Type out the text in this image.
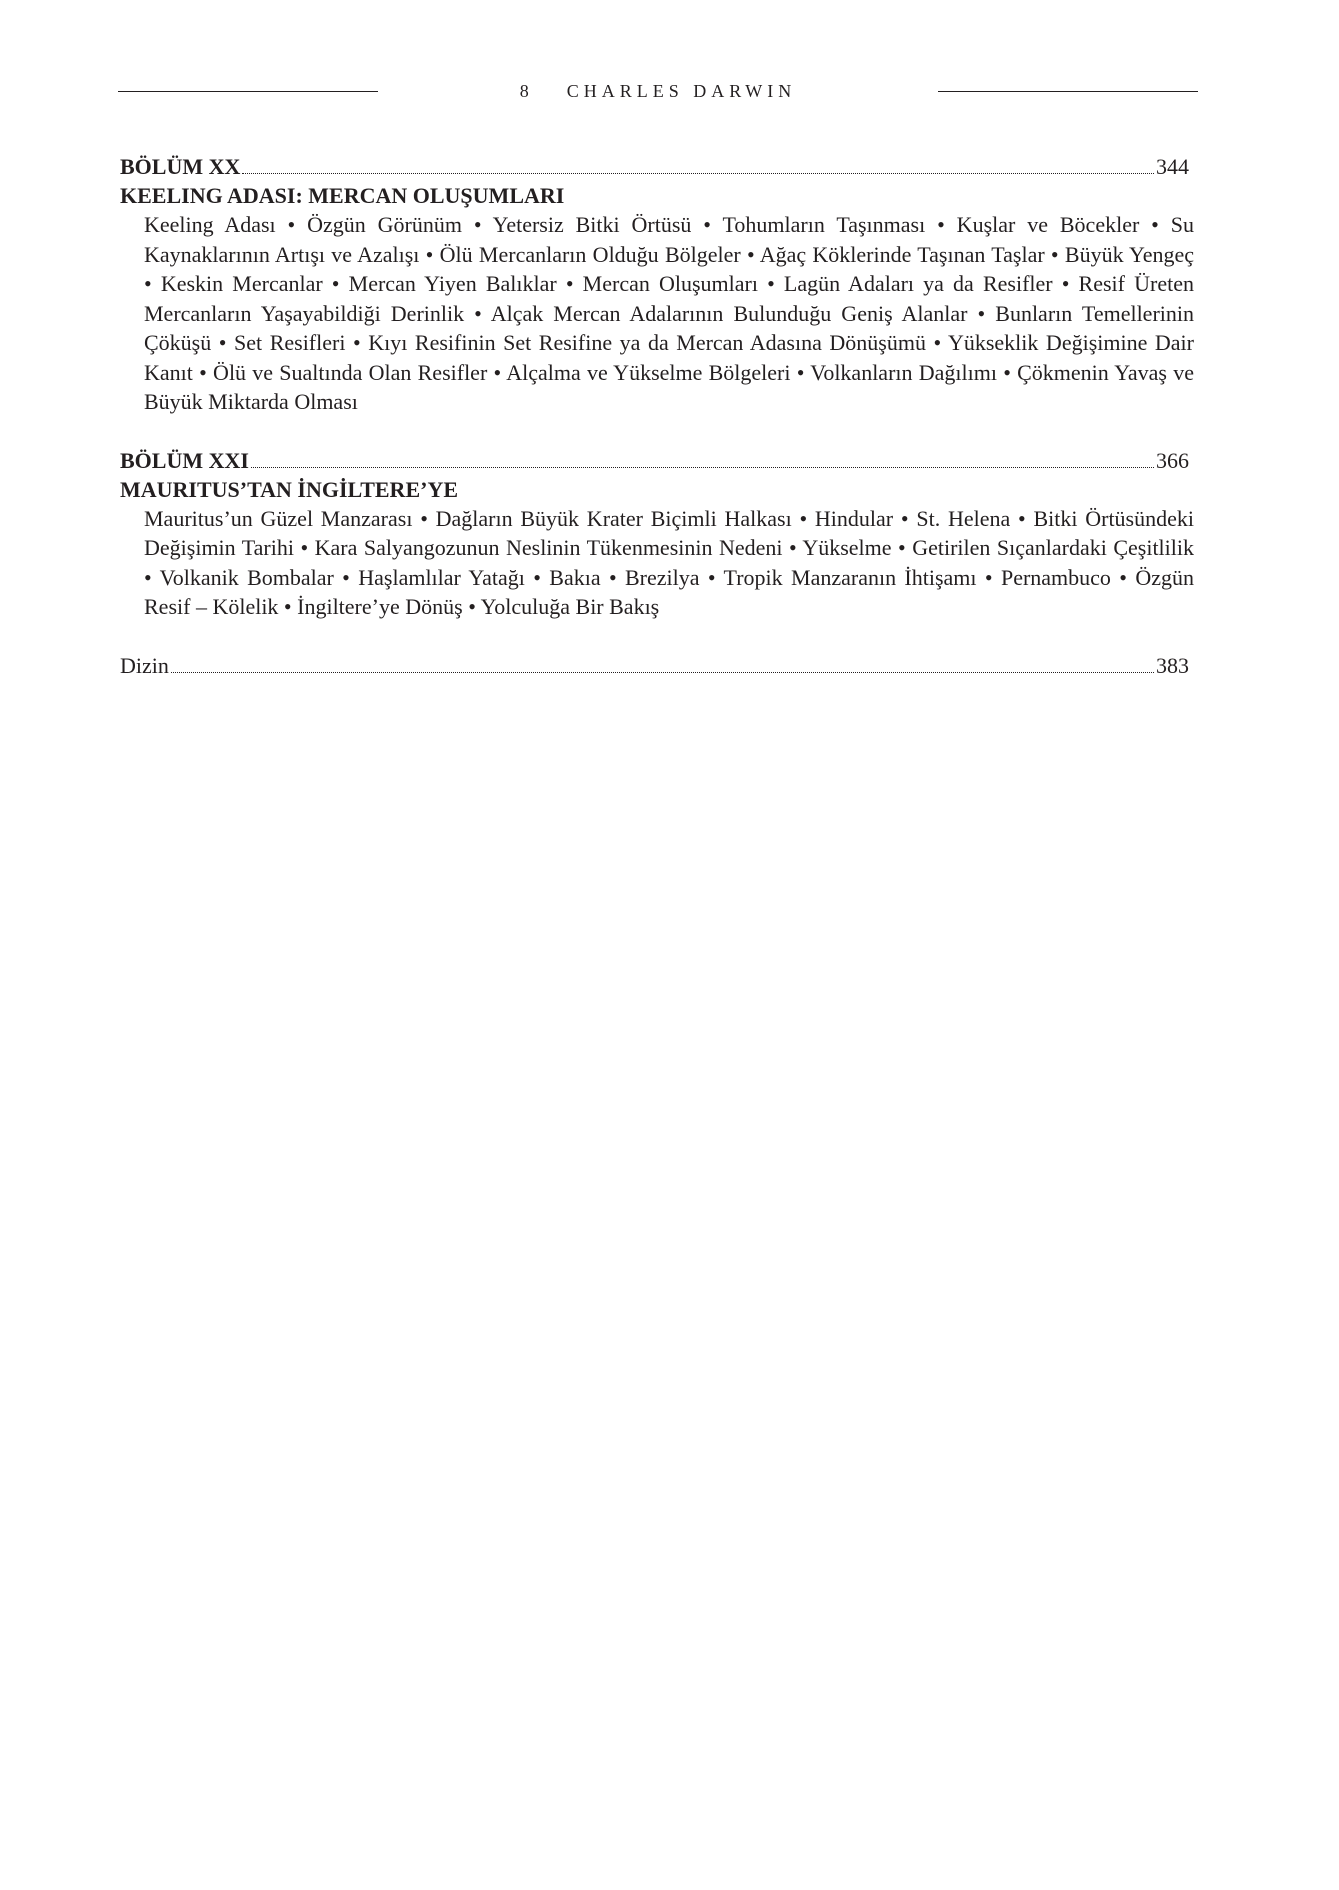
8 CHARLES DARWIN
BÖLÜM XX	344
KEELING ADASI: MERCAN OLUŞUMLARI
Keeling Adası • Özgün Görünüm • Yetersiz Bitki Örtüsü • Tohumların Taşınması • Kuşlar ve Böcekler • Su Kaynaklarının Artışı ve Azalışı • Ölü Mercanların Olduğu Bölgeler • Ağaç Köklerinde Taşınan Taşlar • Büyük Yengeç • Keskin Mercanlar • Mercan Yiyen Balıklar • Mercan Oluşumları • Lagün Adaları ya da Resifler • Resif Üreten Mercanların Yaşayabildiği Derinlik • Alçak Mercan Adalarının Bulunduğu Geniş Alanlar • Bunların Temellerinin Çöküşü • Set Resifleri • Kıyı Resifinin Set Resifine ya da Mercan Adasına Dönüşümü • Yükseklik Değişimine Dair Kanıt • Ölü ve Sualtında Olan Resifler • Alçalma ve Yükselme Bölgeleri • Volkanların Dağılımı • Çökmenin Yavaş ve Büyük Miktarda Olması
BÖLÜM XXI	366
MAURITUS’TAN İNGİLTERE’YE
Mauritus’un Güzel Manzarası • Dağların Büyük Krater Biçimli Halkası • Hindular • St. Helena • Bitki Örtüsündeki Değişimin Tarihi • Kara Salyangozunun Neslinin Tükenmesinin Nedeni • Yükselme • Getirilen Sıçanlardaki Çeşitlilik • Volkanik Bombalar • Haşlamlılar Yatağı • Bakıa • Brezilya • Tropik Manzaranın İhtişamı • Pernambuco • Özgün Resif – Kölelik • İngiltere’ye Dönüş • Yolculuğa Bir Bakış
Dizin	383
